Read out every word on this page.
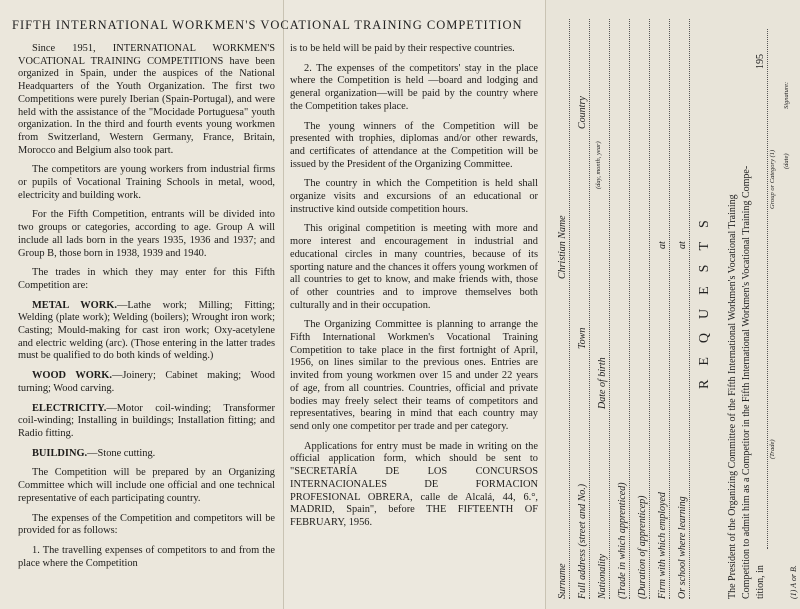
FIFTH INTERNATIONAL WORKMEN'S VOCATIONAL TRAINING COMPETITION

Since 1951, INTERNATIONAL WORKMEN'S VOCATIONAL TRAINING COMPETITIONS have been organized in Spain, under the auspices of the National Headquarters of the Youth Organization. The first two Competitions were purely Iberian (Spain-Portugal), and were held with the assistance of the "Mocidade Portuguesa" youth organization. In the third and fourth events young workmen from Switzerland, Western Germany, France, Britain, Morocco and Belgium also took part.

The competitors are young workers from industrial firms or pupils of Vocational Training Schools in metal, wood, electricity and building work.

For the Fifth Competition, entrants will be divided into two groups or categories, according to age. Group A will include all lads born in the years 1935, 1936 and 1937; and Group B, those born in 1938, 1939 and 1940.

The trades in which they may enter for this Fifth Competition are:

METAL WORK.—Lathe work; Milling; Fitting; Welding (plate work); Welding (boilers); Wrought iron work; Casting; Mould-making for cast iron work; Oxy-acetylene and electric welding (arc). (Those entering in the latter trades must be qualified to do both kinds of welding.)

WOOD WORK.—Joinery; Cabinet making; Wood turning; Wood carving.

ELECTRICITY.—Motor coil-winding; Transformer coil-winding; Installing in buildings; Installation fitting; and Radio fitting.

BUILDING.—Stone cutting.

The Competition will be prepared by an Organizing Committee which will include one official and one technical representative of each participating country.

The expenses of the Competition and competitors will be provided for as follows:

1. The travelling expenses of competitors to and from the place where the Competition

is to be held will be paid by their respective countries.

2. The expenses of the competitors' stay in the place where the Competition is held —board and lodging and general organization—will be paid by the country where the Competition takes place.

The young winners of the Competition will be presented with trophies, diplomas and/or other rewards, and certificates of attendance at the Competition will be issued by the President of the Organizing Committee.

The country in which the Competition is held shall organize visits and excursions of an educational or instructive kind outside competition hours.

This original competition is meeting with more and more interest and encouragement in industrial and educational circles in many countries, because of its sporting nature and the chances it offers young workmen of all countries to get to know, and make friends with, those of other countries and to improve themselves both culturally and in their occupation.

The Organizing Committee is planning to arrange the Fifth International Workmen's Vocational Training Competition to take place in the first fortnight of April, 1956, on lines similar to the previous ones. Entries are invited from young workmen over 15 and under 22 years of age, from all countries. Countries, official and private bodies may freely select their teams of competitors and representatives, bearing in mind that each country may send only one competitor per trade and per category.

Applications for entry must be made in writing on the official application form, which should be sent to "SECRETARÍA DE LOS CONCURSOS INTERNACIONALES DE FORMACION PROFESIONAL OBRERA, calle de Alcalá, 44, 6.°, MADRID, Spain", before THE FIFTEENTH OF FEBRUARY, 1956.

Surname
Christian Name
Full address (street and No.)
Town
Country
Nationality
Date of birth
(day, month, year)
(Trade in which apprenticed) (Duration of apprenticep) Firm with which employed
at
Or school where learning
at REQUESTS The President of the Organizing Committee of the Fifth International Workmen's Vocational Training Competition to admit him as a Competitor in the Fifth International Workmen's Vocational Training Compe- tition, in
(Trade)
Group or Category (1)
195
(date)
Signature:
(1) A or B.
